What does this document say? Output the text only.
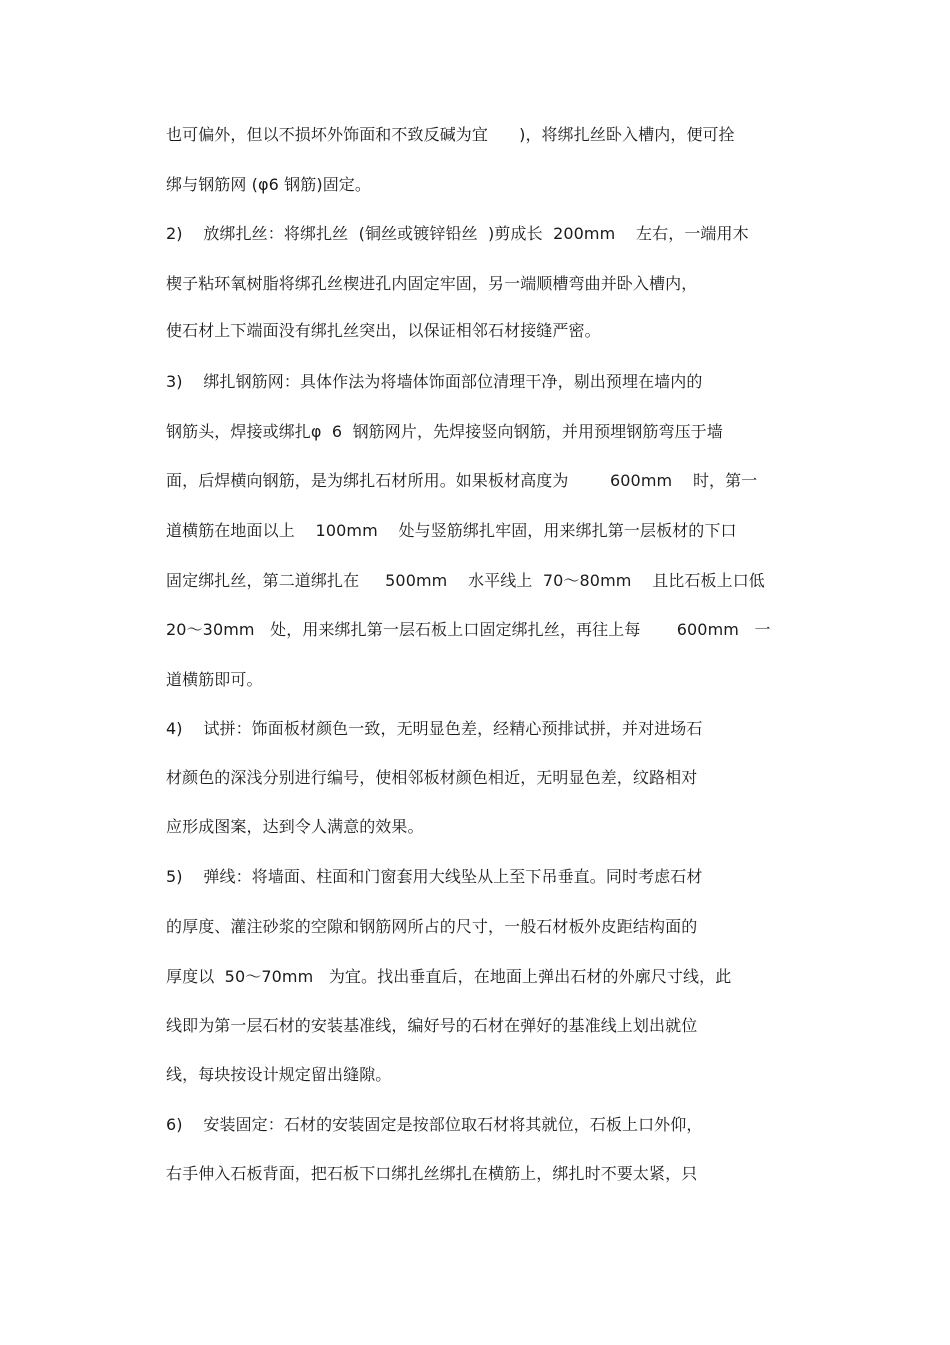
也可偏外，但以不损坏外饰面和不致反碱为宜      )，将绑扎丝卧入槽内，便可拴
绑与钢筋网 (φ6 钢筋)固定。
2)    放绑扎丝：将绑扎丝  (铜丝或镀锌铅丝  )剪成长  200mm    左右，一端用木
楔子粘环氧树脂将绑孔丝楔进孔内固定牢固，另一端顺槽弯曲并卧入槽内，
使石材上下端面没有绑扎丝突出，以保证相邻石材接缝严密。
3)    绑扎钢筋网：具体作法为将墙体饰面部位清理干净，剔出预埋在墙内的
钢筋头，焊接或绑扎φ  6  钢筋网片，先焊接竖向钢筋，并用预埋钢筋弯压于墙
面，后焊横向钢筋，是为绑扎石材所用。如果板材高度为        600mm    时，第一
道横筋在地面以上    100mm    处与竖筋绑扎牢固，用来绑扎第一层板材的下口
固定绑扎丝，第二道绑扎在     500mm    水平线上  70～80mm    且比石板上口低
20～30mm   处，用来绑扎第一层石板上口固定绑扎丝，再往上每       600mm   一
道横筋即可。
4)    试拼：饰面板材颜色一致，无明显色差，经精心预排试拼，并对进场石
材颜色的深浅分别进行编号，使相邻板材颜色相近，无明显色差，纹路相对
应形成图案，达到令人满意的效果。
5)    弹线：将墙面、柱面和门窗套用大线坠从上至下吊垂直。同时考虑石材
的厚度、灌注砂浆的空隙和钢筋网所占的尺寸，一般石材板外皮距结构面的
厚度以  50～70mm   为宜。找出垂直后，在地面上弹出石材的外廓尺寸线，此
线即为第一层石材的安装基准线，编好号的石材在弹好的基准线上划出就位
线，每块按设计规定留出缝隙。
6)    安装固定：石材的安装固定是按部位取石材将其就位，石板上口外仰，
右手伸入石板背面，把石板下口绑扎丝绑扎在横筋上，绑扎时不要太紧，只
